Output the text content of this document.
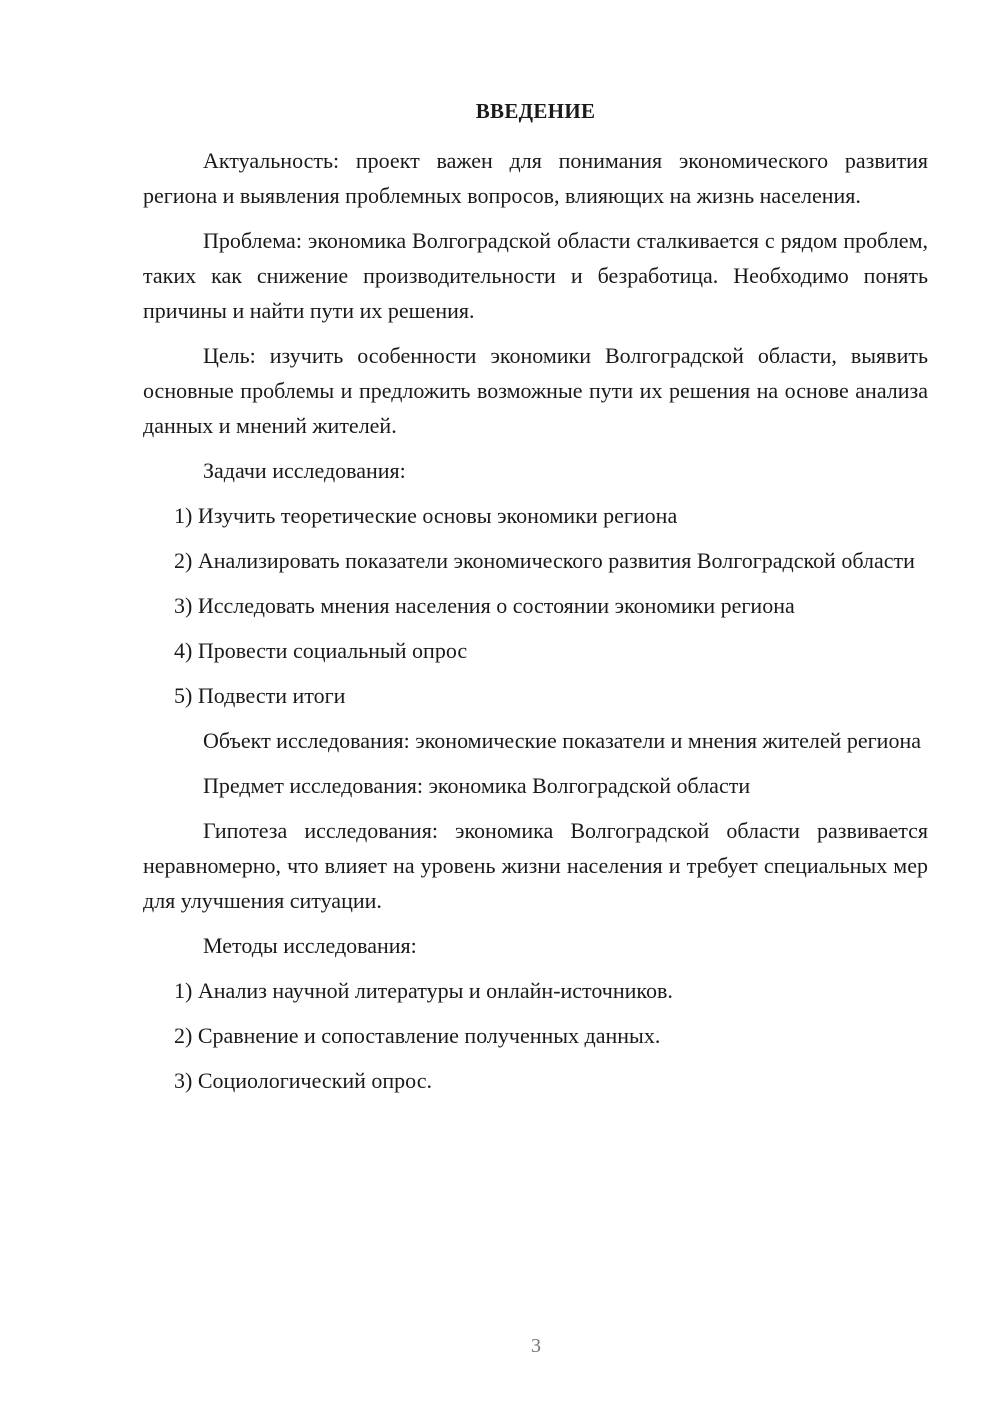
ВВЕДЕНИЕ

Актуальность: проект важен для понимания экономического развития региона и выявления проблемных вопросов, влияющих на жизнь населения.

Проблема: экономика Волгоградской области сталкивается с рядом проблем, таких как снижение производительности и безработица. Необходимо понять причины и найти пути их решения.

Цель: изучить особенности экономики Волгоградской области, выявить основные проблемы и предложить возможные пути их решения на основе анализа данных и мнений жителей.

Задачи исследования:

1) Изучить теоретические основы экономики региона

2) Анализировать показатели экономического развития Волгоградской области

3) Исследовать мнения населения о состоянии экономики региона

4) Провести социальный опрос

5) Подвести итоги

Объект исследования: экономические показатели и мнения жителей региона

Предмет исследования: экономика Волгоградской области

Гипотеза исследования: экономика Волгоградской области развивается неравномерно, что влияет на уровень жизни населения и требует специальных мер для улучшения ситуации.

Методы исследования:

1) Анализ научной литературы и онлайн-источников.

2) Сравнение и сопоставление полученных данных.

3) Социологический опрос.

3
